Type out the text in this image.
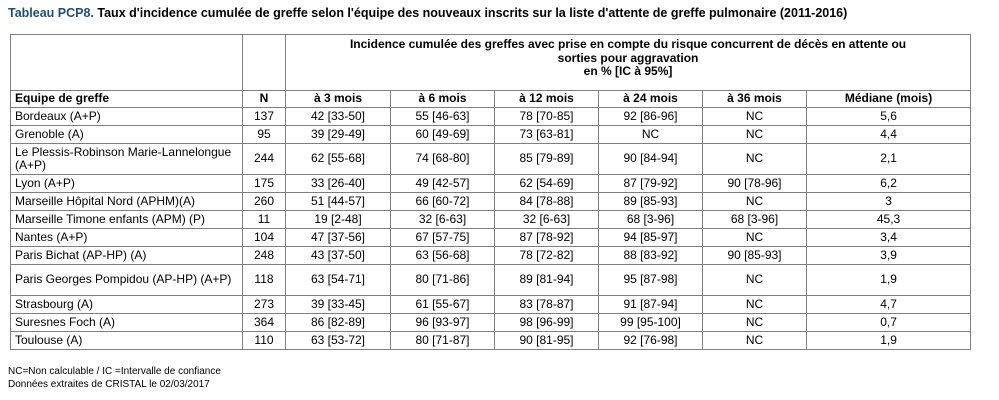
Tableau PCP8. Taux d'incidence cumulée de greffe selon l'équipe des nouveaux inscrits sur la liste d'attente de greffe pulmonaire (2011-2016)

		Incidence cumulée des greffes avec prise en compte du risque concurrent de décès en attente ou
sorties pour aggravation
en % [IC à 95%]					

Equipe de greffe	N	à 3 mois	à 6 mois	à 12 mois	à 24 mois	à 36 mois	Médiane (mois)
Bordeaux (A+P)	137	42 [33-50]	55 [46-63]	78 [70-85]	92 [86-96]	NC	5,6
Grenoble (A)	95	39 [29-49]	60 [49-69]	73 [63-81]	NC	NC	4,4
Le Plessis-Robinson Marie-Lannelongue (A+P)	244	62 [55-68]	74 [68-80]	85 [79-89]	90 [84-94]	NC	2,1
Lyon (A+P)	175	33 [26-40]	49 [42-57]	62 [54-69]	87 [79-92]	90 [78-96]	6,2
Marseille Hôpital Nord (APHM)(A)	260	51 [44-57]	66 [60-72]	84 [78-88]	89 [85-93]	NC	3
Marseille Timone enfants (APM) (P)	11	19 [2-48]	32 [6-63]	32 [6-63]	68 [3-96]	68 [3-96]	45,3
Nantes (A+P)	104	47 [37-56]	67 [57-75]	87 [78-92]	94 [85-97]	NC	3,4
Paris Bichat (AP-HP) (A)	248	43 [37-50]	63 [56-68]	78 [72-82]	88 [83-92]	90 [85-93]	3,9
Paris Georges Pompidou (AP-HP) (A+P)	118	63 [54-71]	80 [71-86]	89 [81-94]	95 [87-98]	NC	1,9
Strasbourg (A)	273	39 [33-45]	61 [55-67]	83 [78-87]	91 [87-94]	NC	4,7
Suresnes Foch (A)	364	86 [82-89]	96 [93-97]	98 [96-99]	99 [95-100]	NC	0,7
Toulouse (A)	110	63 [53-72]	80 [71-87]	90 [81-95]	92 [76-98]	NC	1,9
NC=Non calculable / IC =Intervalle de confiance
Données extraites de CRISTAL le 02/03/2017
